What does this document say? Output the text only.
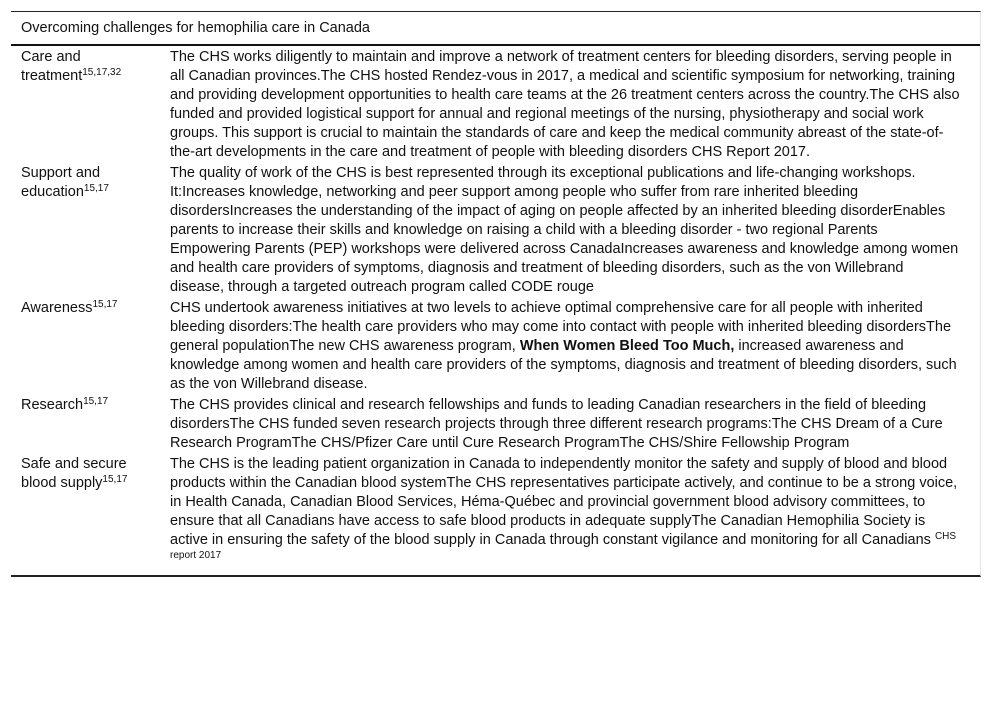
Overcoming challenges for hemophilia care in Canada
Care and treatment$^{15,17,32}$
The CHS works diligently to maintain and improve a network of treatment centers for bleeding disorders, serving people in all Canadian provinces.The CHS hosted Rendez-vous in 2017, a medical and scientific symposium for networking, training and providing development opportunities to health care teams at the 26 treatment centers across the country.The CHS also funded and provided logistical support for annual and regional meetings of the nursing, physiotherapy and social work groups. This support is crucial to maintain the standards of care and keep the medical community abreast of the state-of-the-art developments in the care and treatment of people with bleeding disorders CHS Report 2017.
Support and education$^{15,17}$
The quality of work of the CHS is best represented through its exceptional publications and life-changing workshops. It:Increases knowledge, networking and peer support among people who suffer from rare inherited bleeding disordersIncreases the understanding of the impact of aging on people affected by an inherited bleeding disorderEnables parents to increase their skills and knowledge on raising a child with a bleeding disorder - two regional Parents Empowering Parents (PEP) workshops were delivered across CanadaIncreases awareness and knowledge among women and health care providers of symptoms, diagnosis and treatment of bleeding disorders, such as the von Willebrand disease, through a targeted outreach program called CODE rouge
Awareness$^{15,17}$	CHS undertook awareness initiatives at two levels to achieve optimal comprehensive care for all people with inherited bleeding disorders:The health care providers who may come into contact with people with inherited bleeding disordersThe general populationThe new CHS awareness program, When Women Bleed Too Much, increased awareness and knowledge among women and health care providers of the symptoms, diagnosis and treatment of bleeding disorders, such as the von Willebrand disease.
Research$^{15,17}$	The CHS provides clinical and research fellowships and funds to leading Canadian researchers in the field of bleeding disordersThe CHS funded seven research projects through three different research programs:The CHS Dream of a Cure Research ProgramThe CHS/Pfizer Care until Cure Research ProgramThe CHS/Shire Fellowship Program
Safe and secure blood supply$^{15,17}$
The CHS is the leading patient organization in Canada to independently monitor the safety and supply of blood and blood products within the Canadian blood systemThe CHS representatives participate actively, and continue to be a strong voice, in Health Canada, Canadian Blood Services, Héma-Québec and provincial government blood advisory committees, to ensure that all Canadians have access to safe blood products in adequate supplyThe Canadian Hemophilia Society is active in ensuring the safety of the blood supply in Canada through constant vigilance and monitoring for all Canadians $^{CHS report 2017}$
